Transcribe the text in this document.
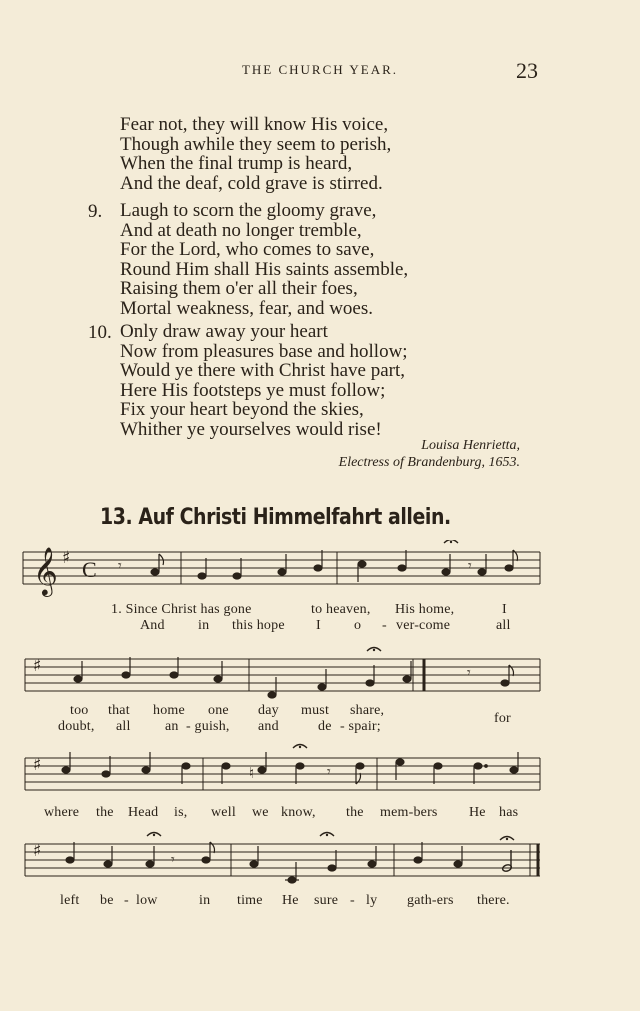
THE CHURCH YEAR.	23
Fear not, they will know His voice,
Though awhile they seem to perish,
When the final trump is heard,
And the deaf, cold grave is stirred.
9. Laugh to scorn the gloomy grave,
And at death no longer tremble,
For the Lord, who comes to save,
Round Him shall His saints assemble,
Raising them o'er all their foes,
Mortal weakness, fear, and woes.
10. Only draw away your heart
Now from pleasures base and hollow;
Would ye there with Christ have part,
Here His footsteps ye must follow;
Fix your heart beyond the skies,
Whither ye yourselves would rise!
Louisa Henrietta,
Electress of Brandenburg, 1653.
13. Auf Christi Himmelfahrt allein.
𝄞 ♯ C 𝄾	𝄾
1. Since Christ has gone	to heaven, His home,	I
And in this hope I o - ver-come	all
♯	𝄾
too that home one day must share,
doubt, all an - guish, and	de - spair;
for
♯	♮	𝄾
where the Head is, well we know, the mem-bers He has
♯	𝄾
left be - low	in time He sure - ly gath-ers there.
